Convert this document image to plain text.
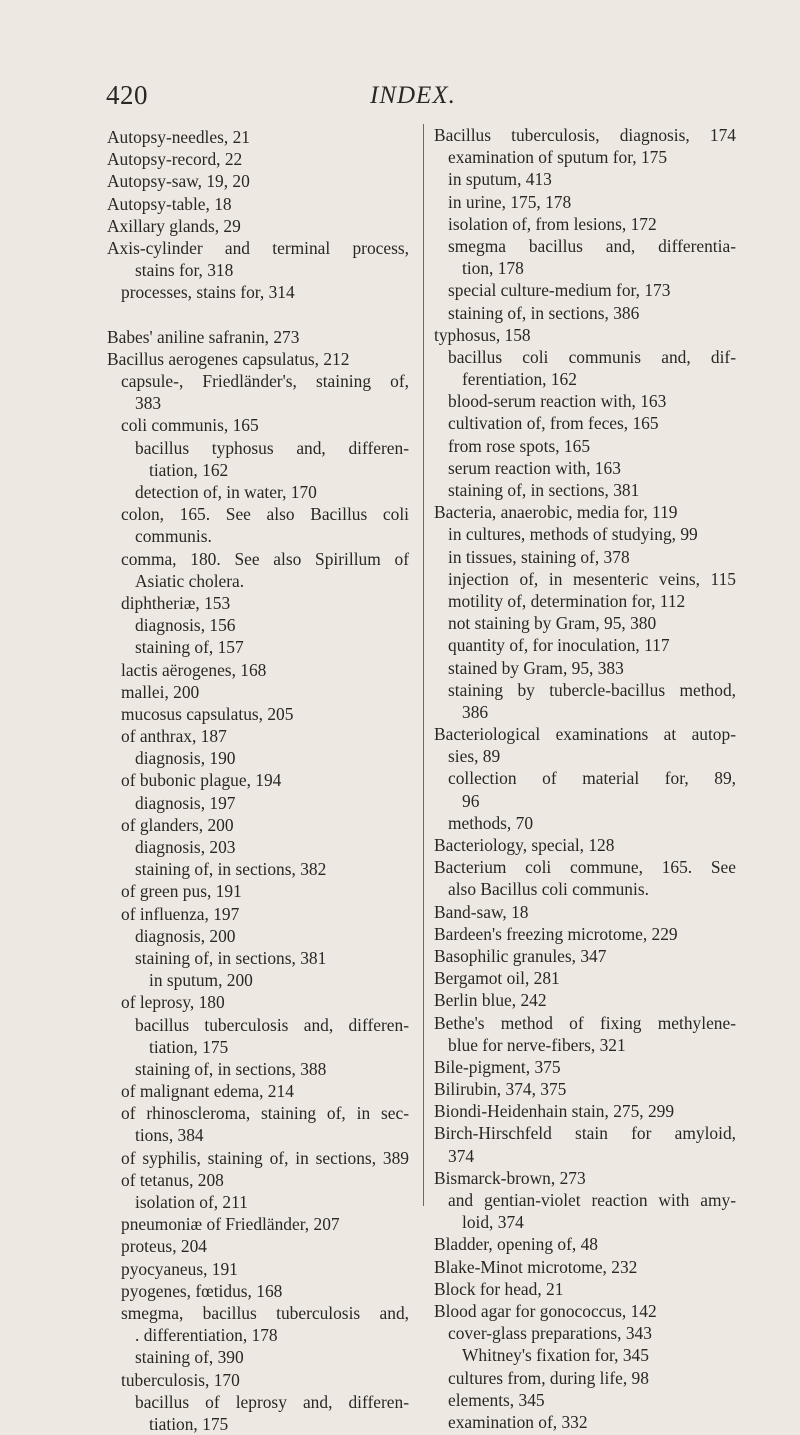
420	INDEX.
Autopsy-needles, 21
Autopsy-record, 22
Autopsy-saw, 19, 20
Autopsy-table, 18
Axillary glands, 29
Axis-cylinder and terminal process,
stains for, 318
processes, stains for, 314
Babes' aniline safranin, 273
Bacillus aerogenes capsulatus, 212
capsule-, Friedländer's, staining of,
383
coli communis, 165
bacillus typhosus and, differen-
tiation, 162
detection of, in water, 170
colon, 165. See also Bacillus coli
communis.
comma, 180. See also Spirillum of
Asiatic cholera.
diphtheriæ, 153
diagnosis, 156
staining of, 157
lactis aërogenes, 168
mallei, 200
mucosus capsulatus, 205
of anthrax, 187
diagnosis, 190
of bubonic plague, 194
diagnosis, 197
of glanders, 200
diagnosis, 203
staining of, in sections, 382
of green pus, 191
of influenza, 197
diagnosis, 200
staining of, in sections, 381
in sputum, 200
of leprosy, 180
bacillus tuberculosis and, differen-
tiation, 175
staining of, in sections, 388
of malignant edema, 214
of rhinoscleroma, staining of, in sec-
tions, 384
of syphilis, staining of, in sections, 389
of tetanus, 208
isolation of, 211
pneumoniæ of Friedländer, 207
proteus, 204
pyocyaneus, 191
pyogenes, fœtidus, 168
smegma, bacillus tuberculosis and,
. differentiation, 178
staining of, 390
tuberculosis, 170
bacillus of leprosy and, differen-
tiation, 175
Bacillus tuberculosis, diagnosis, 174
examination of sputum for, 175
in sputum, 413
in urine, 175, 178
isolation of, from lesions, 172
smegma bacillus and, differentia-
tion, 178
special culture-medium for, 173
staining of, in sections, 386
typhosus, 158
bacillus coli communis and, dif-
ferentiation, 162
blood-serum reaction with, 163
cultivation of, from feces, 165
from rose spots, 165
serum reaction with, 163
staining of, in sections, 381
Bacteria, anaerobic, media for, 119
in cultures, methods of studying, 99
in tissues, staining of, 378
injection of, in mesenteric veins, 115
motility of, determination for, 112
not staining by Gram, 95, 380
quantity of, for inoculation, 117
stained by Gram, 95, 383
staining by tubercle-bacillus method,
386
Bacteriological examinations at autop-
sies, 89
collection of material for, 89,
96
methods, 70
Bacteriology, special, 128
Bacterium coli commune, 165. See
also Bacillus coli communis.
Band-saw, 18
Bardeen's freezing microtome, 229
Basophilic granules, 347
Bergamot oil, 281
Berlin blue, 242
Bethe's method of fixing methylene-
blue for nerve-fibers, 321
Bile-pigment, 375
Bilirubin, 374, 375
Biondi-Heidenhain stain, 275, 299
Birch-Hirschfeld stain for amyloid,
374
Bismarck-brown, 273
and gentian-violet reaction with amy-
loid, 374
Bladder, opening of, 48
Blake-Minot microtome, 232
Block for head, 21
Blood agar for gonococcus, 142
cover-glass preparations, 343
Whitney's fixation for, 345
cultures from, during life, 98
elements, 345
examination of, 332
